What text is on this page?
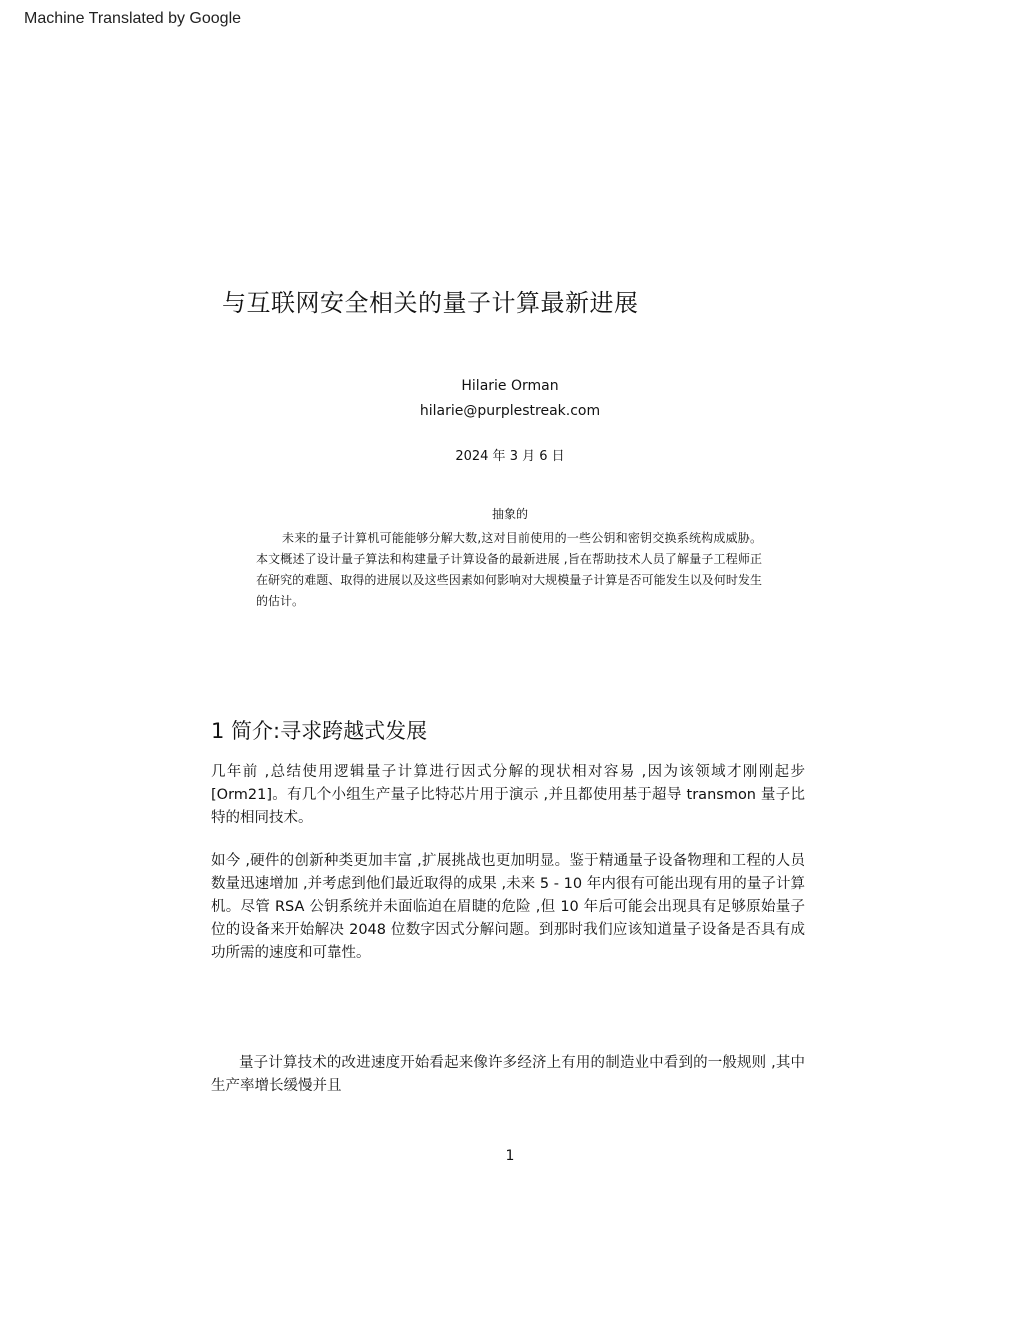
Machine Translated by Google
与互联网安全相关的量子计算最新进展
Hilarie Orman
hilarie@purplestreak.com
2024 年 3 月 6 日
抽象的

未来的量子计算机可能能够分解大数,这对目前使用的一些公钥和密钥交换系统构成威胁。本文概述了设计量子算法和构建量子计算设备的最新进展 ,旨在帮助技术人员了解量子工程师正在研究的难题、取得的进展以及这些因素如何影响对大规模量子计算是否可能发生以及何时发生的估计。

1 简介:寻求跨越式发展

几年前 ,总结使用逻辑量子计算进行因式分解的现状相对容易 ,因为该领域才刚刚起步 [Orm21]。有几个小组生产量子比特芯片用于演示 ,并且都使用基于超导 transmon 量子比特的相同技术。

如今 ,硬件的创新种类更加丰富 ,扩展挑战也更加明显。鉴于精通量子设备物理和工程的人员数量迅速增加 ,并考虑到他们最近取得的成果 ,未来 5 - 10 年内很有可能出现有用的量子计算机。尽管 RSA 公钥系统并未面临迫在眉睫的危险 ,但 10 年后可能会出现具有足够原始量子位的设备来开始解决 2048 位数字因式分解问题。到那时我们应该知道量子设备是否具有成功所需的速度和可靠性。

量子计算技术的改进速度开始看起来像许多经济上有用的制造业中看到的一般规则 ,其中生产率增长缓慢并且

1
